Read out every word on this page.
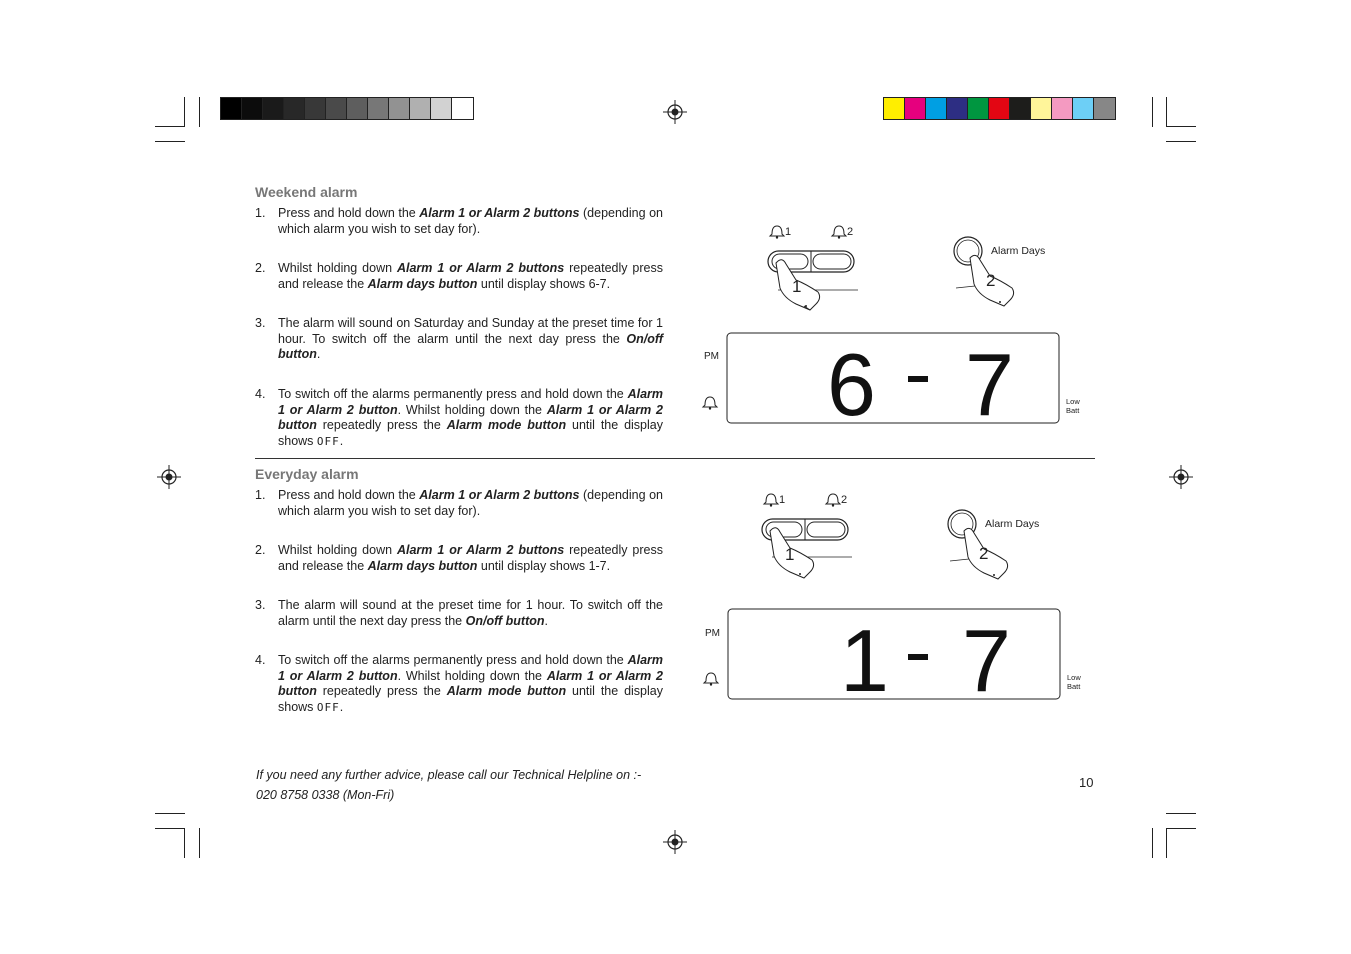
Weekend alarm
1. Press and hold down the Alarm 1 or Alarm 2 buttons (depending on which alarm you wish to set day for).
2. Whilst holding down Alarm 1 or Alarm 2 buttons repeatedly press and release the Alarm days button until display shows 6-7.
3. The alarm will sound on Saturday and Sunday at the preset time for 1 hour. To switch off the alarm until the next day press the On/off button.
4. To switch off the alarms permanently press and hold down the Alarm 1 or Alarm 2 button. Whilst holding down the Alarm 1 or Alarm 2 button repeatedly press the Alarm mode button until the display shows OFF.
Everyday alarm
1. Press and hold down the Alarm 1 or Alarm 2 buttons (depending on which alarm you wish to set day for).
2. Whilst holding down Alarm 1 or Alarm 2 buttons repeatedly press and release the Alarm days button until display shows 1-7.
3. The alarm will sound at the preset time for 1 hour. To switch off the alarm until the next day press the On/off button.
4. To switch off the alarms permanently press and hold down the Alarm 1 or Alarm 2 button. Whilst holding down the Alarm 1 or Alarm 2 button repeatedly press the Alarm mode button until the display shows OFF.
1	2
1
Alarm Days
2
PM 6 7	Low
Batt
1	2
1
Alarm Days
2
PM 1 7	Low
Batt
If you need any further advice, please call our Technical Helpline on :-
020 8758 0338 (Mon-Fri)
10
